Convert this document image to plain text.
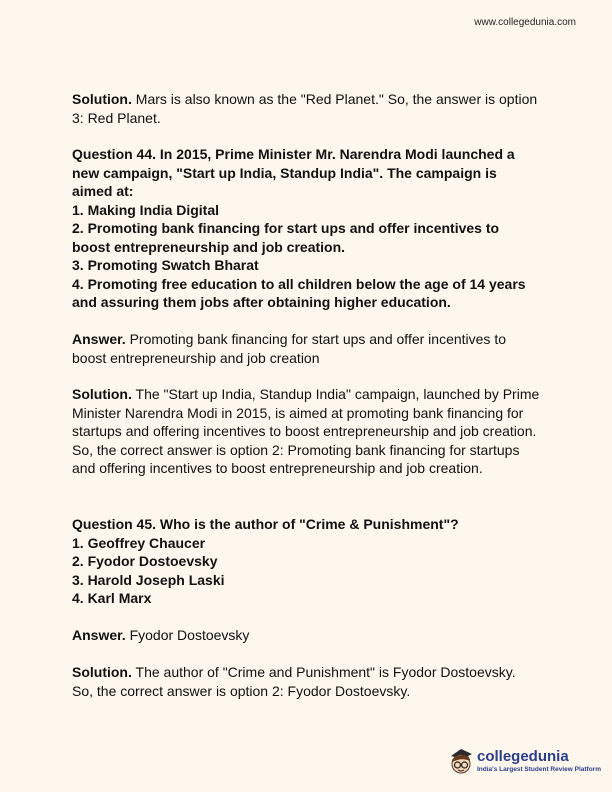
www.collegedunia.com
Solution. Mars is also known as the "Red Planet." So, the answer is option
3: Red Planet.
Question 44. In 2015, Prime Minister Mr. Narendra Modi launched a
new campaign, "Start up India, Standup India". The campaign is
aimed at:
1. Making India Digital
2. Promoting bank financing for start ups and offer incentives to
boost entrepreneurship and job creation.
3. Promoting Swatch Bharat
4. Promoting free education to all children below the age of 14 years
and assuring them jobs after obtaining higher education.
Answer. Promoting bank financing for start ups and offer incentives to
boost entrepreneurship and job creation
Solution. The "Start up India, Standup India" campaign, launched by Prime
Minister Narendra Modi in 2015, is aimed at promoting bank financing for
startups and offering incentives to boost entrepreneurship and job creation.
So, the correct answer is option 2: Promoting bank financing for startups
and offering incentives to boost entrepreneurship and job creation.
Question 45. Who is the author of "Crime & Punishment"?
1. Geoffrey Chaucer
2. Fyodor Dostoevsky
3. Harold Joseph Laski
4. Karl Marx
Answer. Fyodor Dostoevsky
Solution. The author of "Crime and Punishment" is Fyodor Dostoevsky.
So, the correct answer is option 2: Fyodor Dostoevsky.
collegedunia
India's Largest Student Review Platform
